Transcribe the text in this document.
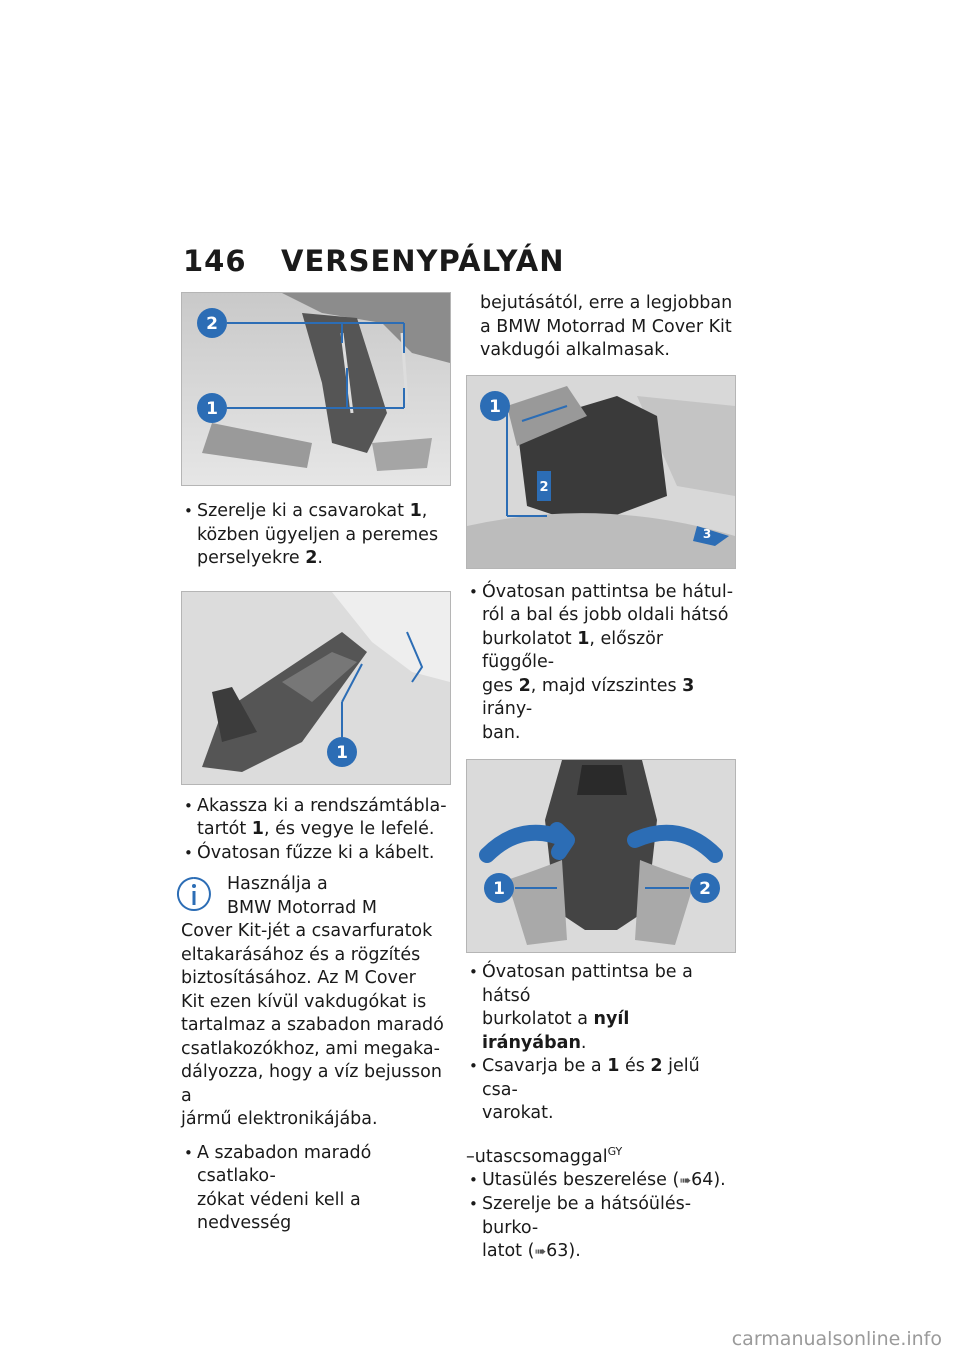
146 VERSENYPÁLYÁN
2
1

• Szerelje ki a csavarokat 1,

közben ügyeljen a peremes

perselyekre 2.

1

• Akassza ki a rendszámtábla-

tartót 1, és vegye le lefelé.

• Óvatosan fűzze ki a kábelt.

Használja a

BMW Motorrad M

Cover Kit-jét a csavarfuratok

eltakarásához és a rögzítés

biztosításához. Az M Cover

Kit ezen kívül vakdugókat is

tartalmaz a szabadon maradó

csatlakozókhoz, ami megaka-

dályozza, hogy a víz bejusson a

jármű elektronikájába.

• A szabadon maradó csatlako-

zókat védeni kell a nedvesség

bejutásától, erre a legjobban

a BMW Motorrad M Cover Kit

vakdugói alkalmasak.

2
3
1

• Óvatosan pattintsa be hátul-

ról a bal és jobb oldali hátsó

burkolatot 1, először függőle-

ges 2, majd vízszintes 3 irány-

ban.

1	2

• Óvatosan pattintsa be a hátsó

burkolatot a nyíl irányában.

• Csavarja be a 1 és 2 jelű csa-

varokat.

–utascsomaggal$^{GY}$

• Utasülés beszerelése (➠64).

• Szerelje be a hátsóülés-burko-

latot (➠63).

carmanualsonline.info
